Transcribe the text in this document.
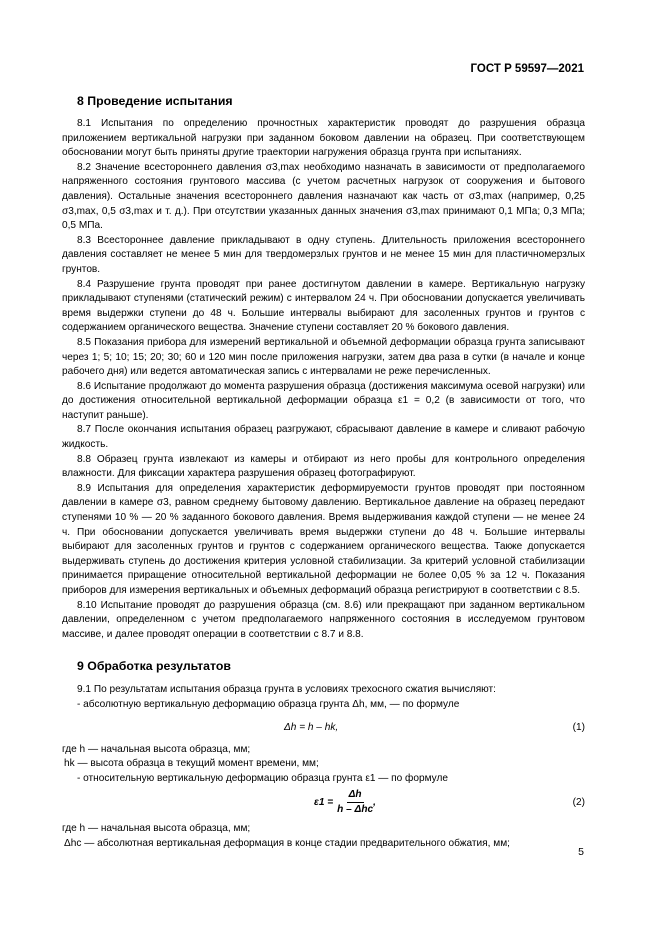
ГОСТ Р 59597—2021
8 Проведение испытания

8.1 Испытания по определению прочностных характеристик проводят до разрушения образца приложением вертикальной нагрузки при заданном боковом давлении на образец. При соответствующем обосновании могут быть приняты другие траектории нагружения образца грунта при испытаниях.

8.2 Значение всестороннего давления σ3,max необходимо назначать в зависимости от предполагаемого напряженного состояния грунтового массива (с учетом расчетных нагрузок от сооружения и бытового давления). Остальные значения всестороннего давления назначают как часть от σ3,max (например, 0,25 σ3,max, 0,5 σ3,max и т. д.). При отсутствии указанных данных значения σ3,max принимают 0,1 МПа; 0,3 МПа; 0,5 МПа.

8.3 Всестороннее давление прикладывают в одну ступень. Длительность приложения всестороннего давления составляет не менее 5 мин для твердомерзлых грунтов и не менее 15 мин для пластичномерзлых грунтов.

8.4 Разрушение грунта проводят при ранее достигнутом давлении в камере. Вертикальную нагрузку прикладывают ступенями (статический режим) с интервалом 24 ч. При обосновании допускается увеличивать время выдержки ступени до 48 ч. Большие интервалы выбирают для засоленных грунтов и грунтов с содержанием органического вещества. Значение ступени составляет 20 % бокового давления.

8.5 Показания прибора для измерений вертикальной и объемной деформации образца грунта записывают через 1; 5; 10; 15; 20; 30; 60 и 120 мин после приложения нагрузки, затем два раза в сутки (в начале и конце рабочего дня) или ведется автоматическая запись с интервалами не реже перечисленных.

8.6 Испытание продолжают до момента разрушения образца (достижения максимума осевой нагрузки) или до достижения относительной вертикальной деформации образца ε1 = 0,2 (в зависимости от того, что наступит раньше).

8.7 После окончания испытания образец разгружают, сбрасывают давление в камере и сливают рабочую жидкость.

8.8 Образец грунта извлекают из камеры и отбирают из него пробы для контрольного определения влажности. Для фиксации характера разрушения образец фотографируют.

8.9 Испытания для определения характеристик деформируемости грунтов проводят при постоянном давлении в камере σ3, равном среднему бытовому давлению. Вертикальное давление на образец передают ступенями 10 % — 20 % заданного бокового давления. Время выдерживания каждой ступени — не менее 24 ч. При обосновании допускается увеличивать время выдержки ступени до 48 ч. Большие интервалы выбирают для засоленных грунтов и грунтов с содержанием органического вещества. Также допускается выдерживать ступень до достижения критерия условной стабилизации. За критерий условной стабилизации принимается приращение относительной вертикальной деформации не более 0,05 % за 12 ч. Показания приборов для измерения вертикальных и объемных деформаций образца регистрируют в соответствии с 8.5.

8.10 Испытание проводят до разрушения образца (см. 8.6) или прекращают при заданном вертикальном давлении, определенном с учетом предполагаемого напряженного состояния в исследуемом грунтовом массиве, и далее проводят операции в соответствии с 8.7 и 8.8.

9 Обработка результатов

9.1 По результатам испытания образца грунта в условиях трехосного сжатия вычисляют:

- абсолютную вертикальную деформацию образца грунта Δh, мм, — по формуле

Δh = h – hk,	(1)

где h — начальная высота образца, мм;

hk — высота образца в текущий момент времени, мм;

- относительную вертикальную деформацию образца грунта ε1 — по формуле

$\varepsilon 1 = \frac{\Delta h}{\text{h – Δhc}}$ ,	(2)

где h — начальная высота образца, мм;

Δhc — абсолютная вертикальная деформация в конце стадии предварительного обжатия, мм;

5
